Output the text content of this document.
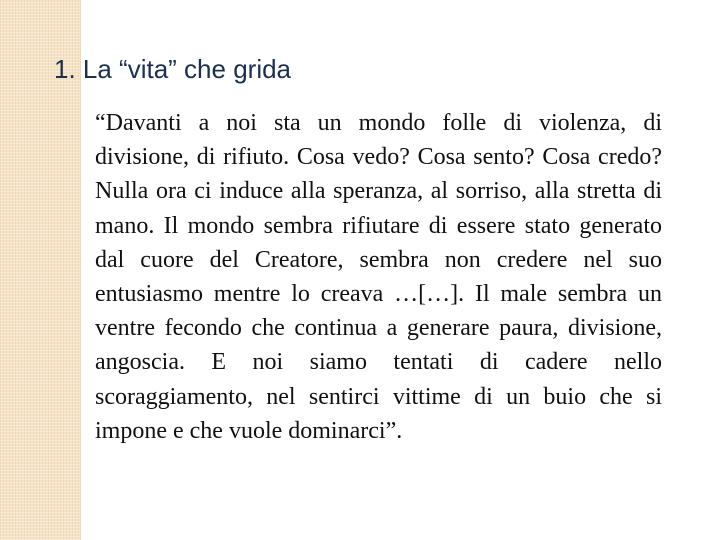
1. La “vita” che grida

“Davanti a noi sta un mondo folle di violenza, di divisione, di rifiuto. Cosa vedo? Cosa sento? Cosa credo? Nulla ora ci induce alla speranza, al sorriso, alla stretta di mano. Il mondo sembra rifiutare di essere stato generato dal cuore del Creatore, sembra non credere nel suo entusiasmo mentre lo creava …[…]. Il male sembra un ventre fecondo che continua a generare paura, divisione, angoscia. E noi siamo tentati di cadere nello scoraggiamento, nel sentirci vittime di un buio che si impone e che vuole dominarci”.
